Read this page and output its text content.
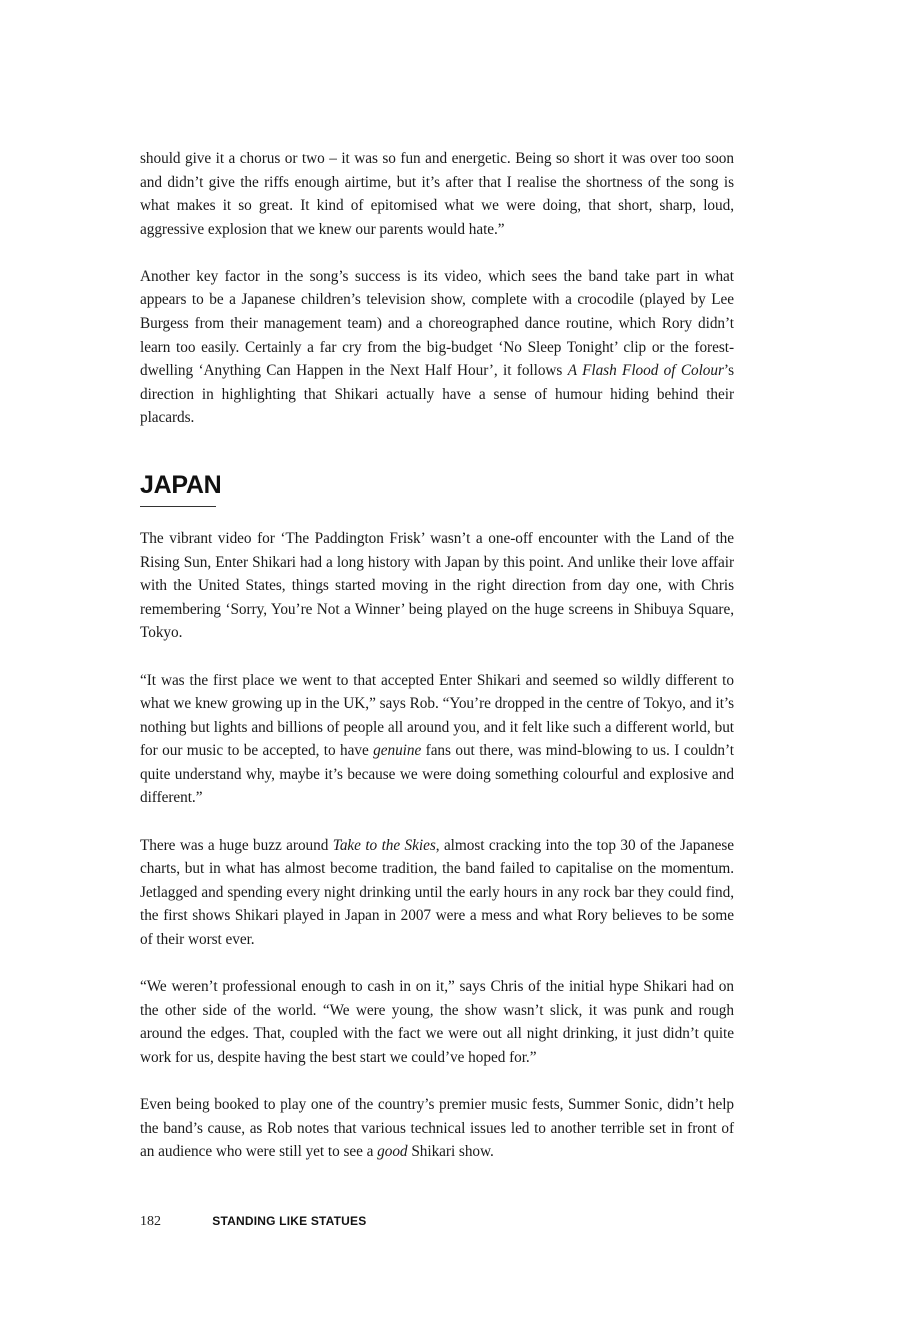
should give it a chorus or two – it was so fun and energetic. Being so short it was over too soon and didn’t give the riffs enough airtime, but it’s after that I realise the shortness of the song is what makes it so great. It kind of epitomised what we were doing, that short, sharp, loud, aggressive explosion that we knew our parents would hate.”

Another key factor in the song’s success is its video, which sees the band take part in what appears to be a Japanese children’s television show, complete with a crocodile (played by Lee Burgess from their management team) and a choreographed dance routine, which Rory didn’t learn too easily. Certainly a far cry from the big-budget ‘No Sleep Tonight’ clip or the forest-dwelling ‘Anything Can Happen in the Next Half Hour’, it follows A Flash Flood of Colour’s direction in highlighting that Shikari actually have a sense of humour hiding behind their placards.

JAPAN

The vibrant video for ‘The Paddington Frisk’ wasn’t a one-off encounter with the Land of the Rising Sun, Enter Shikari had a long history with Japan by this point. And unlike their love affair with the United States, things started moving in the right direction from day one, with Chris remembering ‘Sorry, You’re Not a Winner’ being played on the huge screens in Shibuya Square, Tokyo.

“It was the first place we went to that accepted Enter Shikari and seemed so wildly different to what we knew growing up in the UK,” says Rob. “You’re dropped in the centre of Tokyo, and it’s nothing but lights and billions of people all around you, and it felt like such a different world, but for our music to be accepted, to have genuine fans out there, was mind-blowing to us. I couldn’t quite understand why, maybe it’s because we were doing something colourful and explosive and different.”

There was a huge buzz around Take to the Skies, almost cracking into the top 30 of the Japanese charts, but in what has almost become tradition, the band failed to capitalise on the momentum. Jetlagged and spending every night drinking until the early hours in any rock bar they could find, the first shows Shikari played in Japan in 2007 were a mess and what Rory believes to be some of their worst ever.

“We weren’t professional enough to cash in on it,” says Chris of the initial hype Shikari had on the other side of the world. “We were young, the show wasn’t slick, it was punk and rough around the edges. That, coupled with the fact we were out all night drinking, it just didn’t quite work for us, despite having the best start we could’ve hoped for.”

Even being booked to play one of the country’s premier music fests, Summer Sonic, didn’t help the band’s cause, as Rob notes that various technical issues led to another terrible set in front of an audience who were still yet to see a good Shikari show.

182	STANDING LIKE STATUES
